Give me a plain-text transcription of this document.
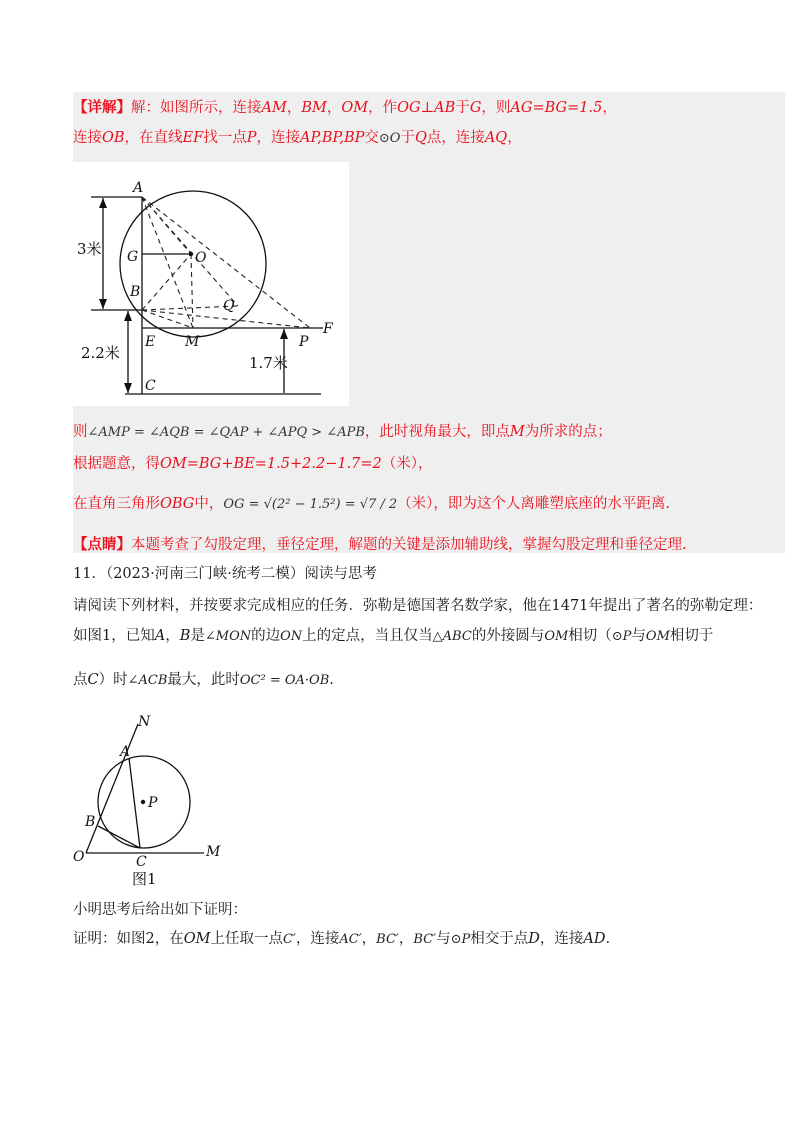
【详解】解：如图所示，连接AM，BM，OM，作OG⊥AB于G，则AG=BG=1.5，
连接OB，在直线EF找一点P，连接AP,BP,BP交⊙O于Q点，连接AQ，
A
G	O
B
Q
E M	P
F
C
3米
2.2米
1.7米
则∠AMP = ∠AQB = ∠QAP + ∠APQ > ∠APB，此时视角最大，即点M为所求的点；
根据题意，得OM=BG+BE=1.5+2.2−1.7=2（米），
在直角三角形OBG中，OG = √(2² − 1.5²) = √7 / 2（米），即为这个人离雕塑底座的水平距离.
【点睛】本题考查了勾股定理，垂径定理，解题的关键是添加辅助线，掌握勾股定理和垂径定理.
11．（2023·河南三门峡·统考二模）阅读与思考
请阅读下列材料，并按要求完成相应的任务．弥勒是德国著名数学家，他在1471年提出了著名的弥勒定理：
如图1，已知A，B是∠MON的边ON上的定点，当且仅当△ABC的外接圆与OM相切（⊙P与OM相切于
点C）时∠ACB最大，此时OC² = OA·OB.
N
A
P
B
O	C
M
图1
小明思考后给出如下证明：
证明：如图2，在OM上任取一点C′，连接AC′，BC′，BC′与⊙P相交于点D，连接AD.
